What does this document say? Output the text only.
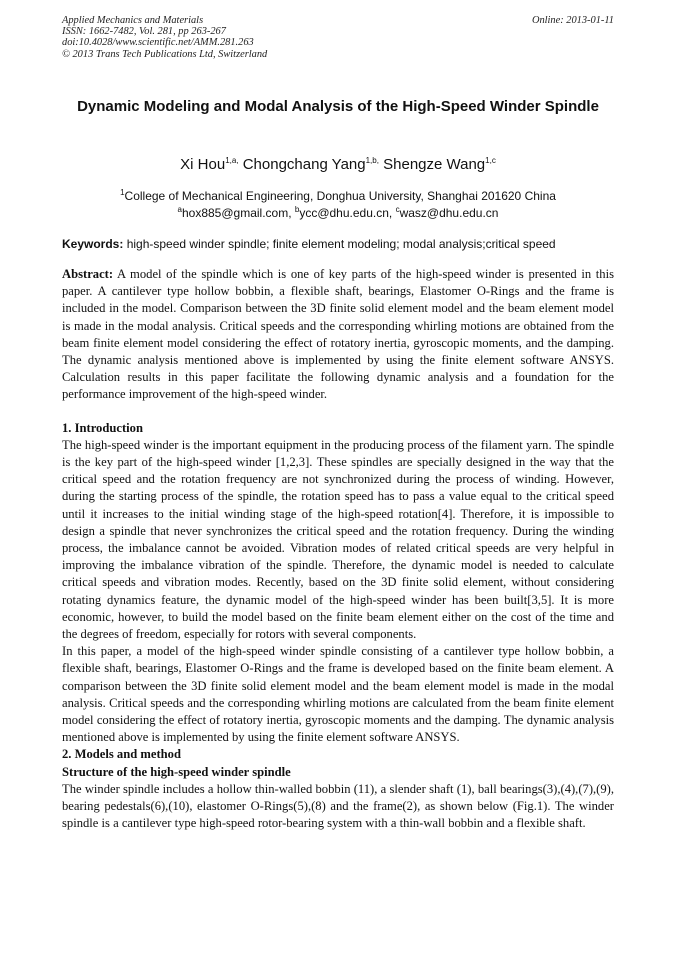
Applied Mechanics and Materials
ISSN: 1662-7482, Vol. 281, pp 263-267
doi:10.4028/www.scientific.net/AMM.281.263
© 2013 Trans Tech Publications Ltd, Switzerland
Online: 2013-01-11
Dynamic Modeling and Modal Analysis of the High-Speed Winder Spindle
Xi Hou$^{1,a,}$ Chongchang Yang$^{1,b,}$ Shengze Wang$^{1,c}$
$^1$College of Mechanical Engineering, Donghua University, Shanghai 201620 China
$^a$hox885@gmail.com, $^b$ycc@dhu.edu.cn, $^c$wasz@dhu.edu.cn
Keywords: high-speed winder spindle; finite element modeling; modal analysis;critical speed

Abstract: A model of the spindle which is one of key parts of the high-speed winder is presented in this paper. A cantilever type hollow bobbin, a flexible shaft, bearings, Elastomer O-Rings and the frame is included in the model. Comparison between the 3D finite solid element model and the beam element model is made in the modal analysis. Critical speeds and the corresponding whirling motions are obtained from the beam finite element model considering the effect of rotatory inertia, gyroscopic moments, and the damping. The dynamic analysis mentioned above is implemented by using the finite element software ANSYS. Calculation results in this paper facilitate the following dynamic analysis and a foundation for the performance improvement of the high-speed winder.

1. Introduction

The high-speed winder is the important equipment in the producing process of the filament yarn. The spindle is the key part of the high-speed winder [1,2,3]. These spindles are specially designed in the way that the critical speed and the rotation frequency are not synchronized during the process of winding. However, during the starting process of the spindle, the rotation speed has to pass a value equal to the critical speed until it increases to the initial winding stage of the high-speed rotation[4]. Therefore, it is impossible to design a spindle that never synchronizes the critical speed and the rotation frequency. During the winding process, the imbalance cannot be avoided. Vibration modes of related critical speeds are very helpful in improving the imbalance vibration of the spindle. Therefore, the dynamic model is needed to calculate critical speeds and vibration modes. Recently, based on the 3D finite solid element, without considering rotating dynamics feature, the dynamic model of the high-speed winder has been built[3,5]. It is more economic, however, to build the model based on the finite beam element either on the cost of the time and the degrees of freedom, especially for rotors with several components.

In this paper, a model of the high-speed winder spindle consisting of a cantilever type hollow bobbin, a flexible shaft, bearings, Elastomer O-Rings and the frame is developed based on the finite beam element. A comparison between the 3D finite solid element model and the beam element model is made in the modal analysis. Critical speeds and the corresponding whirling motions are calculated from the beam finite element model considering the effect of rotatory inertia, gyroscopic moments and the damping. The dynamic analysis mentioned above is implemented by using the finite element software ANSYS.

2. Models and method
Structure of the high-speed winder spindle

The winder spindle includes a hollow thin-walled bobbin (11), a slender shaft (1), ball bearings(3),(4),(7),(9), bearing pedestals(6),(10), elastomer O-Rings(5),(8) and the frame(2), as shown below (Fig.1). The winder spindle is a cantilever type high-speed rotor-bearing system with a thin-wall bobbin and a flexible shaft.
